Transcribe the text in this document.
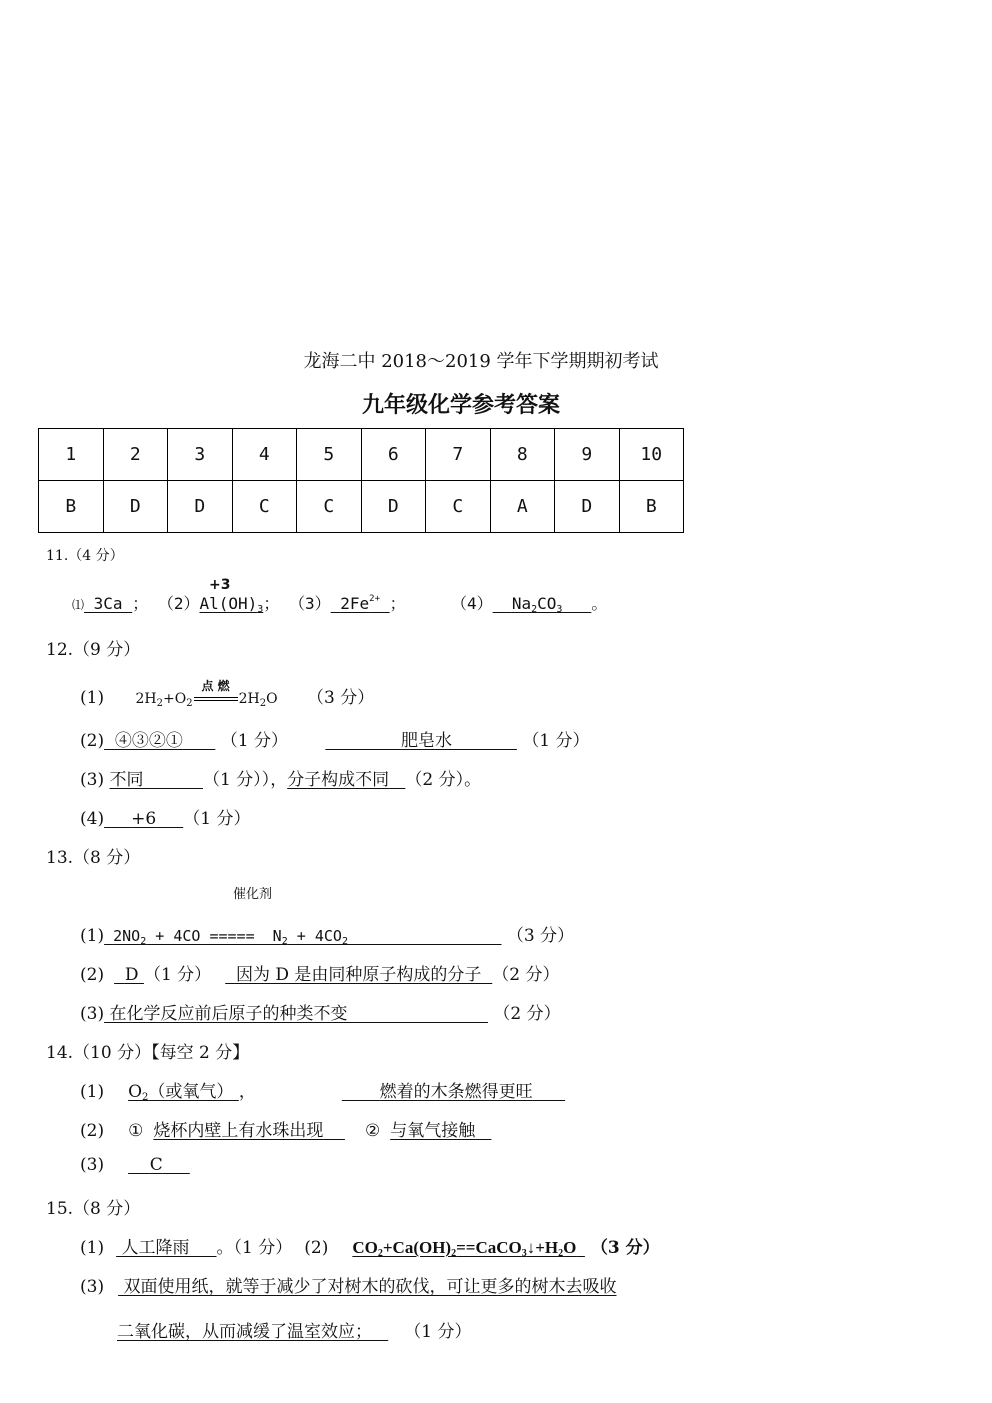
龙海二中 2018～2019 学年下学期期初考试
九年级化学参考答案
1	2	3	4	5	6	7	8	9	10
B	D	D	C	C	D	C	A	D	B
11.（4 分）
+3
⑴ 3Ca ； $(2)Al(OH)_3$； （3） $2Fe^{2+}$ ；	（4） $Na_2CO_3$ 。
12.（9 分）
(1) $2H_2+O_2$
点 燃
$2H_2O$ （3 分）
(2) ④③②① （1 分）	肥皂水	（1 分）
(3) 不同	（1 分）），分子构成不同 （2 分）。
(4) +6 （1 分）
13.（8 分）
催化剂
(1) $2NO_2 + 4CO$ =====  $N_2 + 4CO_2$	（3 分）
(2) D （1 分） 因为 D 是由同种原子构成的分子 （2 分）
(3) 在化学反应前后原子的种类不变	（2 分）
14.（10 分）【每空 2 分】
(1) $O_2$（或氧气） ，	燃着的木条燃得更旺
(2) ① 烧杯内壁上有水珠出现 ② 与氧气接触
(3)	C
15.（8 分）
(1) 人工降雨 。（1 分） (2) $CO_2+Ca(OH)_2==CaCO_3↓+H_2O$ （3 分）
(3) 双面使用纸，就等于减少了对树木的砍伐，可让更多的树木去吸收
二氧化碳，从而减缓了温室效应； （1 分）
